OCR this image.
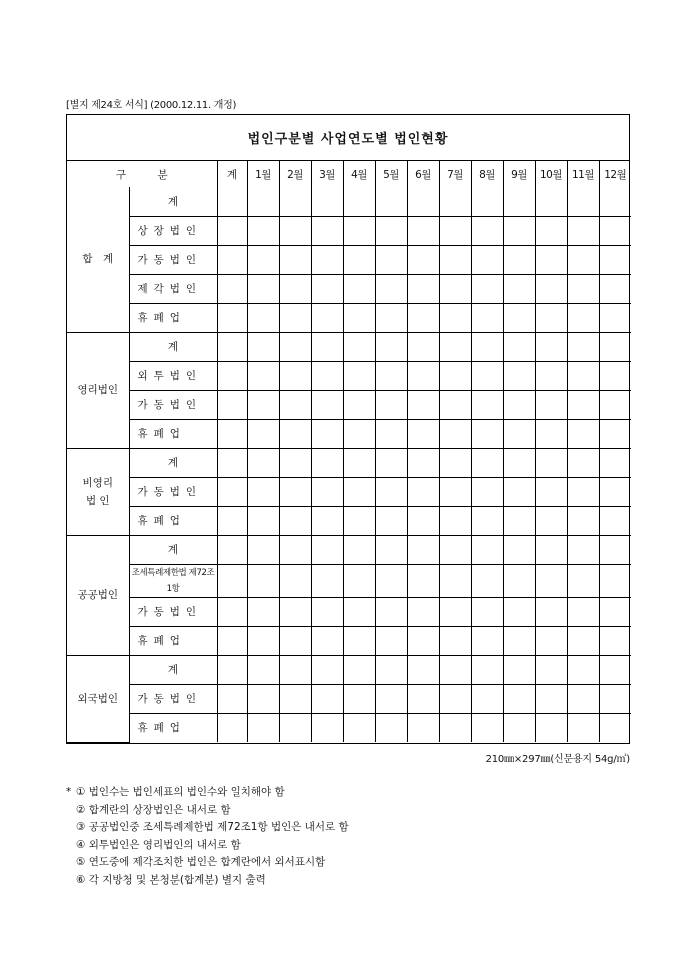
[별지 제24호 서식] (2000.12.11. 개정)
법인구분별 사업연도별 법인현황
구　　　분		계	1월	2월	3월	4월	5월	6월	7월	8월	9월	10월	11월	12월
합　계	계													
	상장법인													
	가동법인													
	제각법인													
	휴폐업													
영리법인	계													
	외투법인													
	가동법인													
	휴폐업													
비영리
법 인	계													
	가동법인													
	휴폐업													
공공법인	계													
	조세특례제한법 제72조1항													
	가동법인													
	휴폐업													
외국법인	계													
	가동법인													
	휴폐업													
210㎜×297㎜(신문용지 54g/㎡)
* ① 법인수는 법인세표의 법인수와 일치해야 함
② 합계란의 상장법인은 내서로 함
③ 공공법인중 조세특례제한법 제72조1항 법인은 내서로 함
④ 외투법인은 영리법인의 내서로 함
⑤ 연도중에 제각조치한 법인은 합계란에서 외서표시함
⑥ 각 지방청 및 본청분(합계분) 별지 출력
